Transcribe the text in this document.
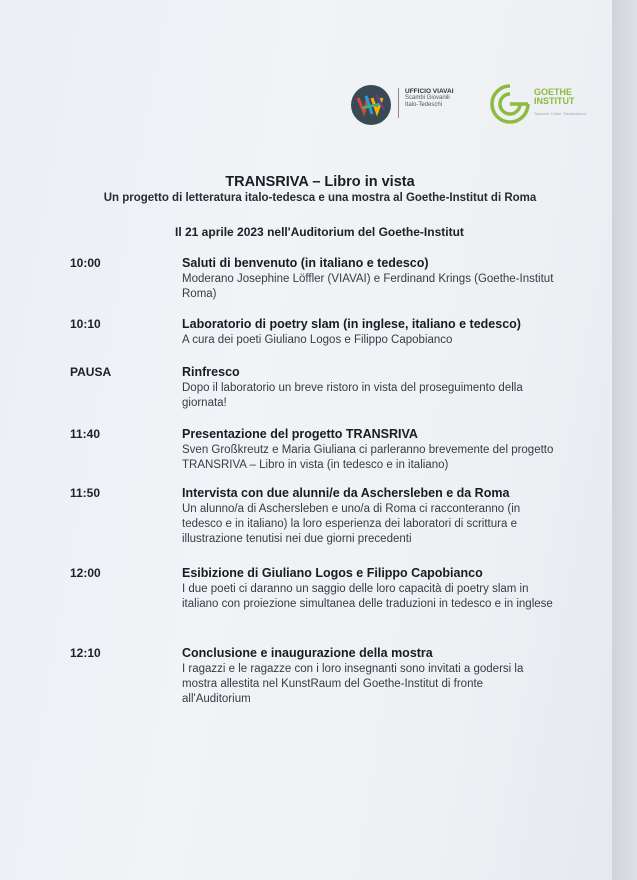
UFFICIO VIAVAI
Scambi Giovanili
Italo-Tedeschi
GOETHE
INSTITUT
Sprache. Kultur. Deutschland.
TRANSRIVA – Libro in vista
Un progetto di letteratura italo-tedesca e una mostra al Goethe-Institut di Roma
Il 21 aprile 2023 nell'Auditorium del Goethe-Institut
10:00	Saluti di benvenuto (in italiano e tedesco)
Moderano Josephine Löffler (VIAVAI) e Ferdinand Krings (Goethe-Institut Roma)
10:10	Laboratorio di poetry slam (in inglese, italiano e tedesco)
A cura dei poeti Giuliano Logos e Filippo Capobianco
PAUSA	Rinfresco
Dopo il laboratorio un breve ristoro in vista del proseguimento della giornata!
11:40	Presentazione del progetto TRANSRIVA
Sven Großkreutz e Maria Giuliana ci parleranno brevemente del progetto TRANSRIVA – Libro in vista (in tedesco e in italiano)
11:50	Intervista con due alunni/e da Aschersleben e da Roma
Un alunno/a di Aschersleben e uno/a di Roma ci racconteranno (in tedesco e in italiano) la loro esperienza dei laboratori di scrittura e illustrazione tenutisi nei due giorni precedenti
12:00	Esibizione di Giuliano Logos e Filippo Capobianco
I due poeti ci daranno un saggio delle loro capacità di poetry slam in italiano con proiezione simultanea delle traduzioni in tedesco e in inglese
12:10	Conclusione e inaugurazione della mostra
I ragazzi e le ragazze con i loro insegnanti sono invitati a godersi la mostra allestita nel KunstRaum del Goethe-Institut di fronte all'Auditorium
